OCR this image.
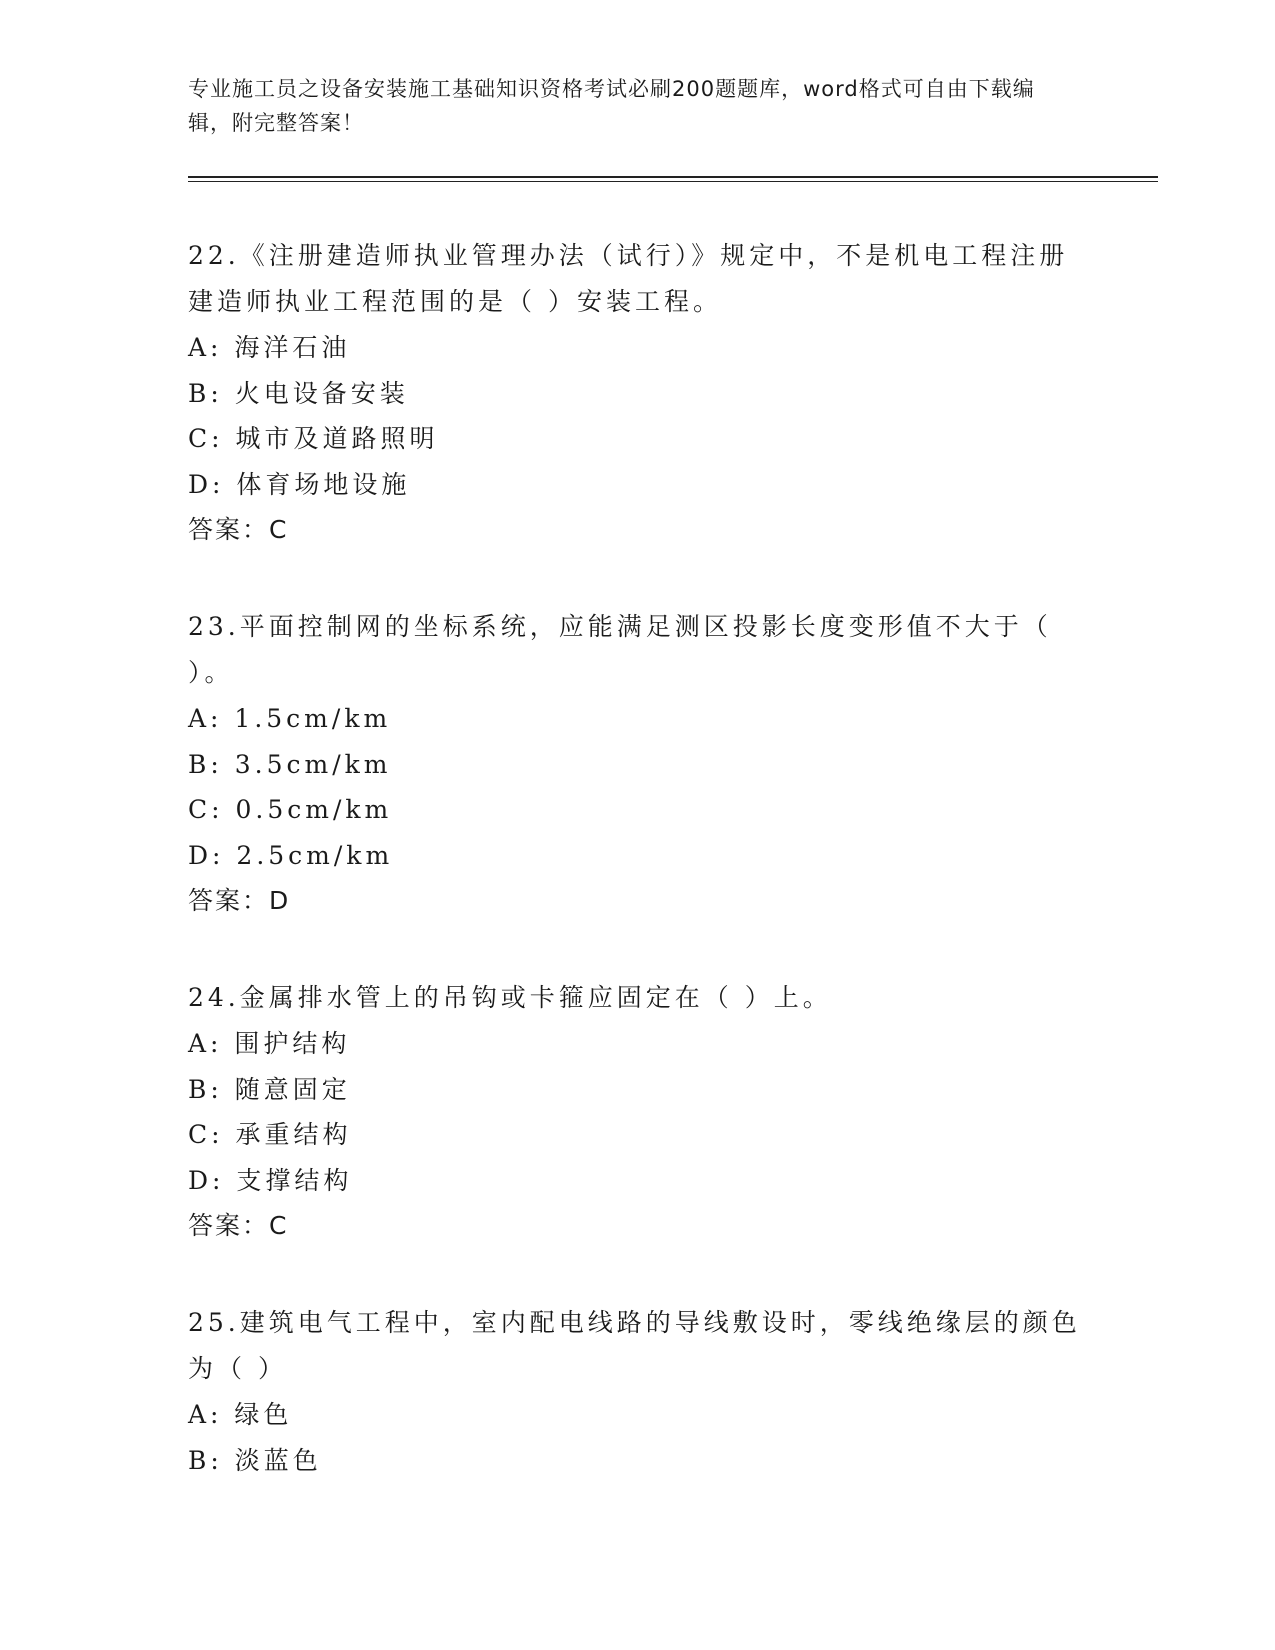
专业施工员之设备安装施工基础知识资格考试必刷200题题库，word格式可自由下载编辑，附完整答案！
22.《注册建造师执业管理办法（试行）》规定中，不是机电工程注册建造师执业工程范围的是（ ）安装工程。
A: 海洋石油
B: 火电设备安装
C: 城市及道路照明
D: 体育场地设施
答案：C
23.平面控制网的坐标系统，应能满足测区投影长度变形值不大于（ ）。
A: 1.5cm/km
B: 3.5cm/km
C: 0.5cm/km
D: 2.5cm/km
答案：D
24.金属排水管上的吊钩或卡箍应固定在（ ）上。
A: 围护结构
B: 随意固定
C: 承重结构
D: 支撑结构
答案：C
25.建筑电气工程中，室内配电线路的导线敷设时，零线绝缘层的颜色为（ ）
A: 绿色
B: 淡蓝色
